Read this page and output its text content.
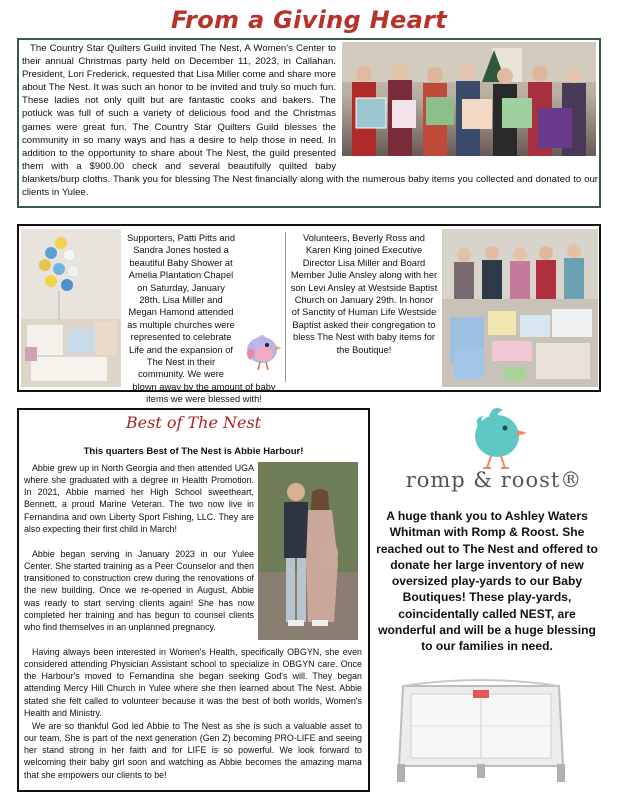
From a Giving Heart

The Country Star Quilters Guild invited The Nest, A Women's Center to their annual Christmas party held on December 11, 2023, in Callahan. President, Lori Frederick, requested that Lisa Miller come and share more about The Nest. It was such an honor to be invited and truly so much fun. These ladies not only quilt but are fantastic cooks and bakers. The potluck was full of such a variety of delicious food and the Christmas games were great fun. The Country Star Quilters Guild blesses the community in so many ways and has a desire to help those in need. In addition to the opportunity to share about The Nest, the guild presented them with a $900.00 check and several beautifully quilted baby blankets/burp cloths. Thank you for blessing The Nest financially along with the numerous baby items you collected and donated to our clients in Yulee.

Supporters, Patti Pitts and Sandra Jones hosted a beautiful Baby Shower at Amelia Plantation Chapel on Saturday, January 28th. Lisa Miller and Megan Hamond attended as multiple churches were represented to celebrate Life and the expansion of The Nest in their community. We were blown away by the amount of baby items we were blessed with!

Volunteers, Beverly Ross and Karen King joined Executive Director Lisa Miller and Board Member Julie Ansley along with her son Levi Ansley at Westside Baptist Church on January 29th. In honor of Sanctity of Human Life Westside Baptist asked their congregation to bless The Nest with baby items for the Boutique!

Best of The Nest
This quarters Best of The Nest is Abbie Harbour!

Abbie grew up in North Georgia and then attended UGA where she graduated with a degree in Health Promotion. In 2021, Abbie married her High School sweetheart, Bennett, a proud Marine Veteran. The two now live in Fernandina and own Liberty Sport Fishing, LLC. They are also expecting their first child in March!

Abbie began serving in January 2023 in our Yulee Center. She started training as a Peer Counselor and then transitioned to construction crew during the renovations of the new building. Once we re-opened in August, Abbie was ready to start serving clients again! She has now completed her training and has begun to counsel clients who find themselves in an unplanned pregnancy.

Having always been interested in Women's Health, specifically OBGYN, she even considered attending Physician Assistant school to specialize in OBGYN care. Once the Harbour's moved to Fernandina she began seeking God's will. They began attending Mercy Hill Church in Yulee where she then learned about The Nest. Abbie stated she felt called to volunteer because it was the best of both worlds, Women's Health and Ministry.

We are so thankful God led Abbie to The Nest as she is such a valuable asset to our team. She is part of the next generation (Gen Z) becoming PRO-LIFE and seeing her stand strong in her faith and for LIFE is so powerful. We look forward to welcoming their baby girl soon and watching as Abbie becomes the amazing mama that she empowers our clients to be!

romp & roost®

A huge thank you to Ashley Waters Whitman with Romp & Roost. She reached out to The Nest and offered to donate her large inventory of new oversized play-yards to our Baby Boutiques! These play-yards, coincidentally called NEST, are wonderful and will be a huge blessing to our families in need.
